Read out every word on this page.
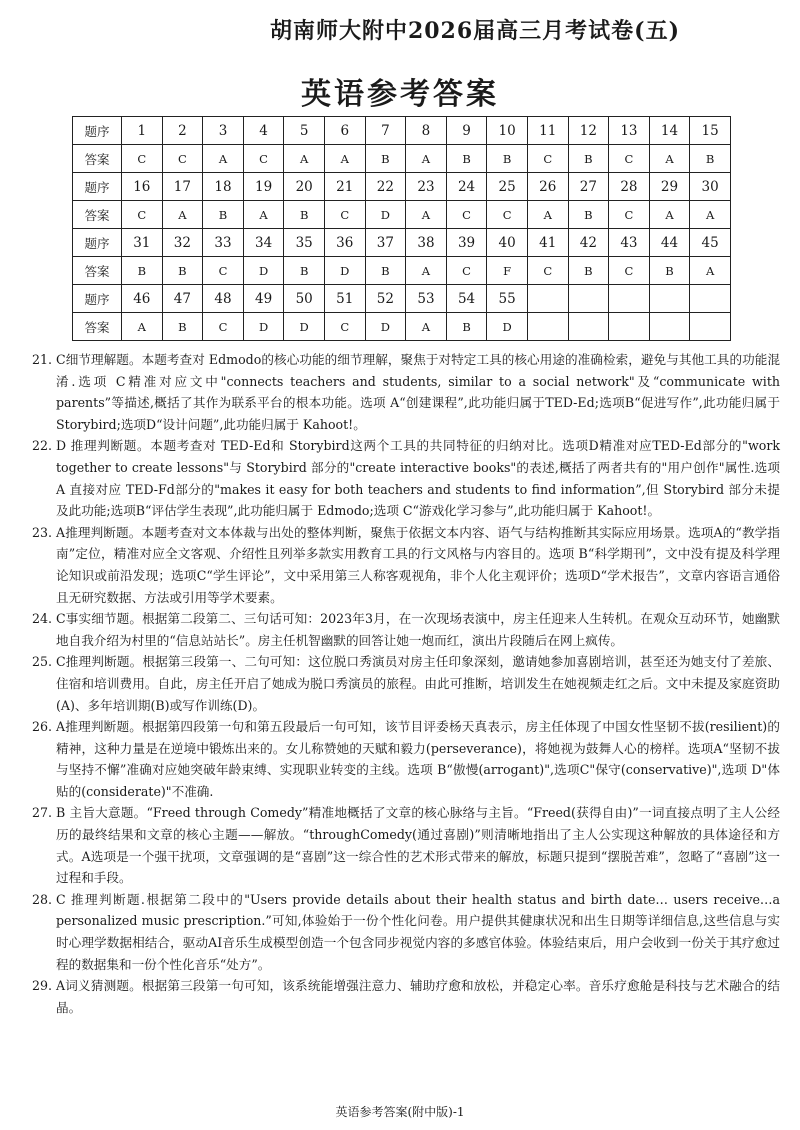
胡南师大附中2026届高三月考试卷(五)
英语参考答案
题序	1	2	3	4	5	6	7	8	9	10	11	12	13	14	15
答案	C	C	A	C	A	A	B	A	B	B	C	B	C	A	B
题序	16	17	18	19	20	21	22	23	24	25	26	27	28	29	30
答案	C	A	B	A	B	C	D	A	C	C	A	B	C	A	A
题序	31	32	33	34	35	36	37	38	39	40	41	42	43	44	45
答案	B	B	C	D	B	D	B	A	C	F	C	B	C	B	A
题序	46	47	48	49	50	51	52	53	54	55					
答案	A	B	C	D	D	C	D	A	B	D					

21. C细节理解题。本题考查对 Edmodo的核心功能的细节理解，聚焦于对特定工具的核心用途的准确检索，避免与其他工具的功能混淆.选项 C精准对应文中"connects teachers and students, similar to a social network"及“communicate with parents”等描述,概括了其作为联系平台的根本功能。选项 A“创建课程”,此功能归属于TED-Ed;选项B“促进写作”,此功能归属于 Storybird;选项D“设计问题”,此功能归属于 Kahoot!。

22. D 推理判断题。本题考查对 TED-Ed和 Storybird这两个工具的共同特征的归纳对比。选项D精准对应TED-Ed部分的"work together to create lessons"与 Storybird 部分的"create interactive books"的表述,概括了两者共有的"用户创作"属性.选项 A 直接对应 TED-Fd部分的"makes it easy for both teachers and students to find information”,但 Storybird 部分未提及此功能;选项B“评估学生表现”,此功能归属于 Edmodo;选项 C“游戏化学习参与”,此功能归属于 Kahoot!。

23. A推理判断题。本题考查对文本体裁与出处的整体判断，聚焦于依据文本内容、语气与结构推断其实际应用场景。选项A的“教学指南”定位，精准对应全文客观、介绍性且列举多款实用教育工具的行文风格与内容目的。选项 B“科学期刊”，文中没有提及科学理论知识或前沿发现；选项C“学生评论”，文中采用第三人称客观视角，非个人化主观评价；选项D“学术报告”，文章内容语言通俗且无研究数据、方法或引用等学术要素。

24. C事实细节题。根据第二段第二、三句话可知：2023年3月，在一次现场表演中，房主任迎来人生转机。在观众互动环节，她幽默地自我介绍为村里的“信息站站长”。房主任机智幽默的回答让她一炮而红，演出片段随后在网上疯传。

25. C推理判断题。根据第三段第一、二句可知：这位脱口秀演员对房主任印象深刻，邀请她参加喜剧培训，甚至还为她支付了差旅、住宿和培训费用。自此，房主任开启了她成为脱口秀演员的旅程。由此可推断，培训发生在她视频走红之后。文中未提及家庭资助(A)、多年培训期(B)或写作训练(D)。

26. A推理判断题。根据第四段第一句和第五段最后一句可知，该节目评委杨天真表示，房主任体现了中国女性坚韧不拔(resilient)的精神，这种力量是在逆境中锻炼出来的。女儿称赞她的天赋和毅力(perseverance)，将她视为鼓舞人心的榜样。选项A“坚韧不拔与坚持不懈”准确对应她突破年龄束缚、实现职业转变的主线。选项 B“傲慢(arrogant)",选项C"保守(conservative)",选项 D"体贴的(considerate)"不准确.

27. B 主旨大意题。“Freed through Comedy”精准地概括了文章的核心脉络与主旨。“Freed(获得自由)”一词直接点明了主人公经历的最终结果和文章的核心主题——解放。“throughComedy(通过喜剧)”则清晰地指出了主人公实现这种解放的具体途径和方式。A选项是一个强干扰项，文章强调的是“喜剧”这一综合性的艺术形式带来的解放，标题只提到“摆脱苦难”，忽略了“喜剧”这一过程和手段。

28. C 推理判断题.根据第二段中的"Users provide details about their health status and birth date… users receive…a personalized music prescription.”可知,体验始于一份个性化问卷。用户提供其健康状况和出生日期等详细信息,这些信息与实时心理学数据相结合，驱动AI音乐生成模型创造一个包含同步视觉内容的多感官体验。体验结束后，用户会收到一份关于其疗愈过程的数据集和一份个性化音乐“处方”。

29. A词义猜测题。根据第三段第一句可知，该系统能增强注意力、辅助疗愈和放松，并稳定心率。音乐疗愈舱是科技与艺术融合的结晶。

英语参考答案(附中版)-1
